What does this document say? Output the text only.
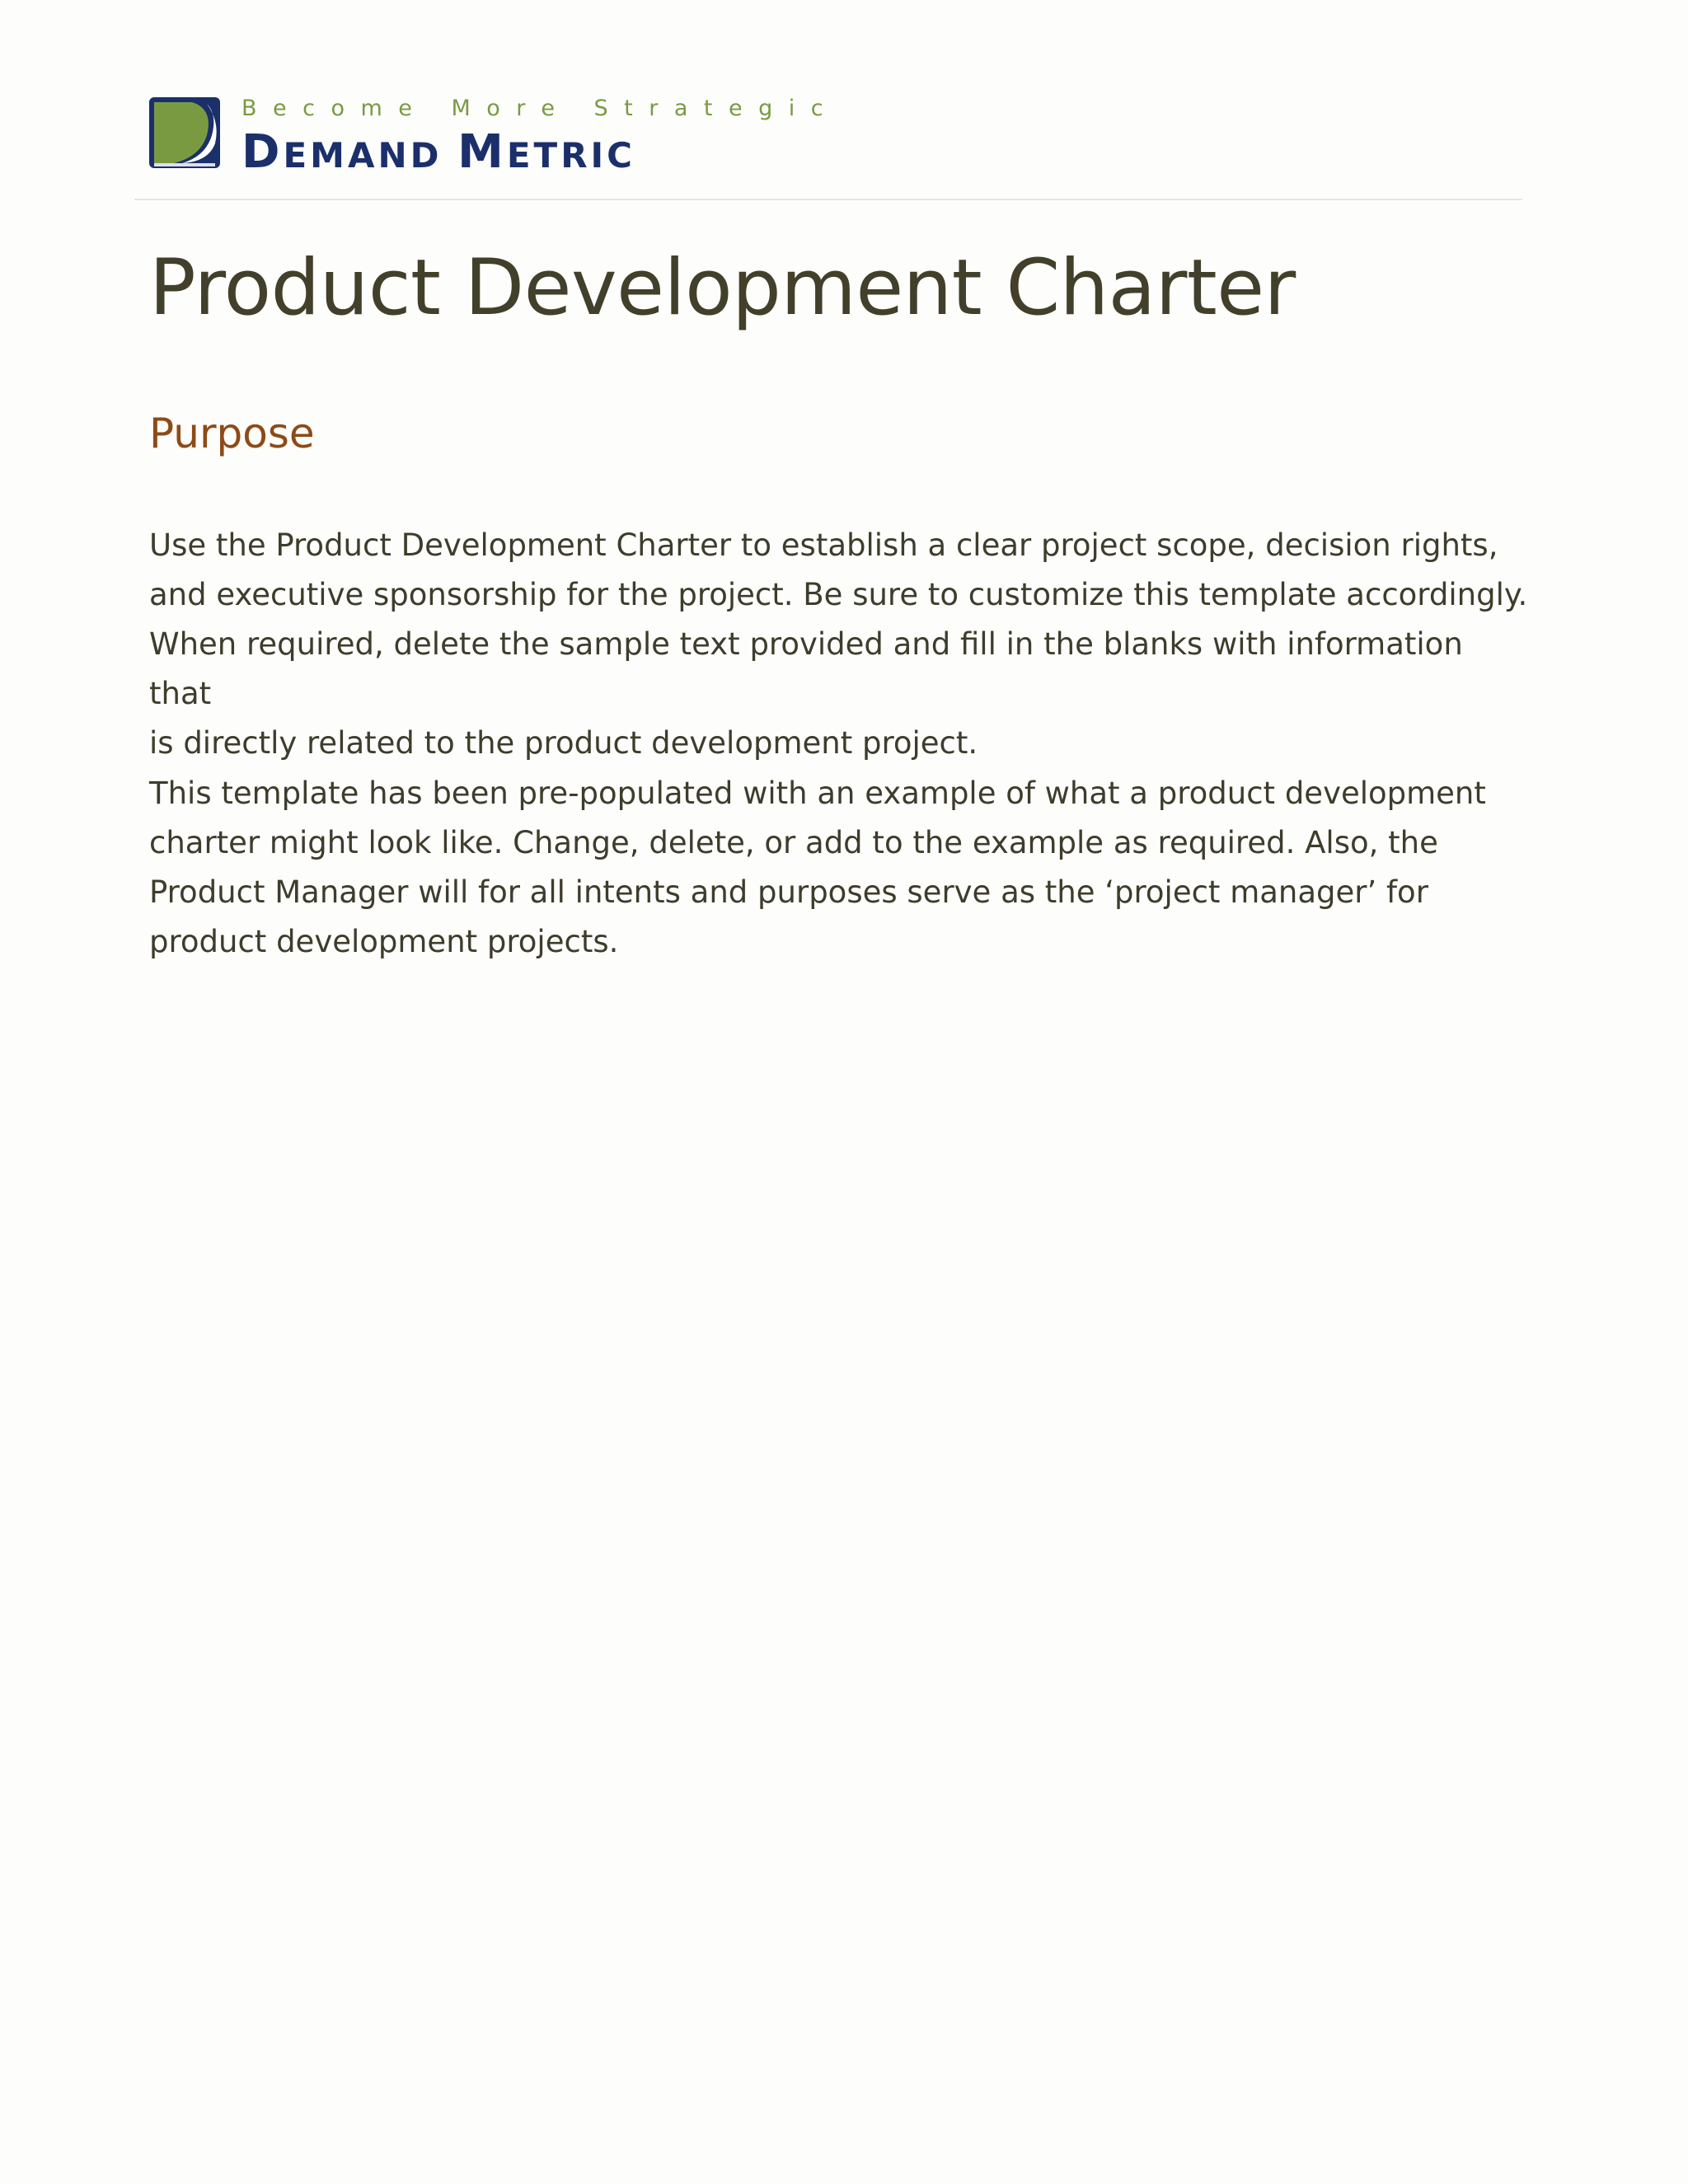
Become More Strategic
DEMAND METRIC
Product Development Charter
Purpose

Use the Product Development Charter to establish a clear project scope, decision rights,
and executive sponsorship for the project. Be sure to customize this template accordingly.
When required, delete the sample text provided and fill in the blanks with information that
is directly related to the product development project.

This template has been pre-populated with an example of what a product development
charter might look like. Change, delete, or add to the example as required. Also, the
Product Manager will for all intents and purposes serve as the ‘project manager’ for
product development projects.
